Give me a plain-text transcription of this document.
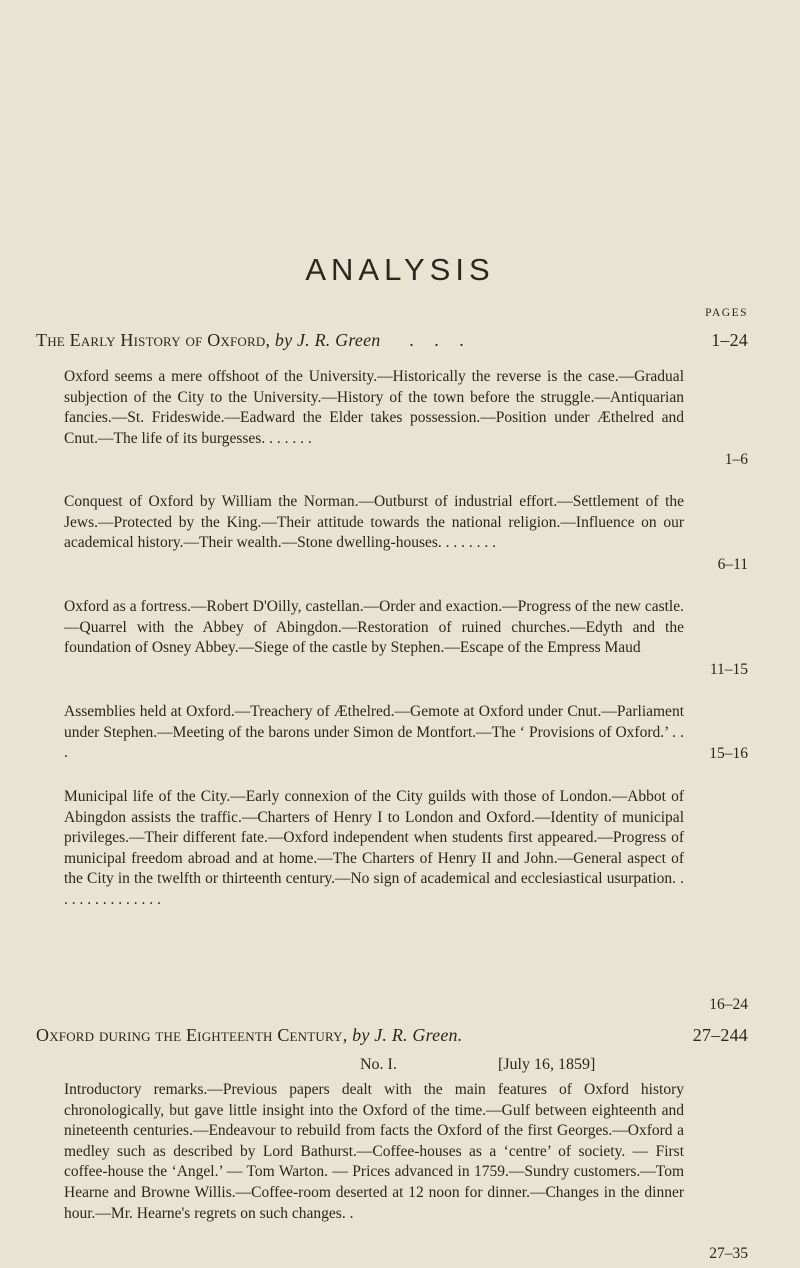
ANALYSIS
PAGES
The Early History of Oxford, by J. R. Green . . .	1–24
Oxford seems a mere offshoot of the University.—Historically the reverse is the case.—Gradual subjection of the City to the University.—History of the town before the struggle.—Antiquarian fancies.—St. Frideswide.—Eadward the Elder takes possession.—Position under Æthelred and Cnut.—The life of its burgesses. . . . . . .
1–6
Conquest of Oxford by William the Norman.—Outburst of industrial effort.—Settlement of the Jews.—Protected by the King.—Their attitude towards the national religion.—Influence on our academical history.—Their wealth.—Stone dwelling-houses. . . . . . . .
6–11
Oxford as a fortress.—Robert D'Oilly, castellan.—Order and exaction.—Progress of the new castle.—Quarrel with the Abbey of Abingdon.—Restoration of ruined churches.—Edyth and the foundation of Osney Abbey.—Siege of the castle by Stephen.—Escape of the Empress Maud
11–15
Assemblies held at Oxford.—Treachery of Æthelred.—Gemote at Oxford under Cnut.—Parliament under Stephen.—Meeting of the barons under Simon de Montfort.—The ‘ Provisions of Oxford.’ . . .	15–16
Municipal life of the City.—Early connexion of the City guilds with those of London.—Abbot of Abingdon assists the traffic.—Charters of Henry I to London and Oxford.—Identity of municipal privileges.—Their different fate.—Oxford independent when students first appeared.—Progress of municipal freedom abroad and at home.—The Charters of Henry II and John.—General aspect of the City in the twelfth or thirteenth century.—No sign of academical and ecclesiastical usurpation. . . . . . . . . . . . . . .
16–24
Oxford during the Eighteenth Century, by J. R. Green.	27–244
No. I.	[July 16, 1859]
Introductory remarks.—Previous papers dealt with the main features of Oxford history chronologically, but gave little insight into the Oxford of the time.—Gulf between eighteenth and nineteenth centuries.—Endeavour to rebuild from facts the Oxford of the first Georges.—Oxford a medley such as described by Lord Bathurst.—Coffee-houses as a ‘centre’ of society. — First coffee-house the ‘Angel.’ — Tom Warton. — Prices advanced in 1759.—Sundry customers.—Tom Hearne and Browne Willis.—Coffee-room deserted at 12 noon for dinner.—Changes in the dinner hour.—Mr. Hearne's regrets on such changes. .
27–35
